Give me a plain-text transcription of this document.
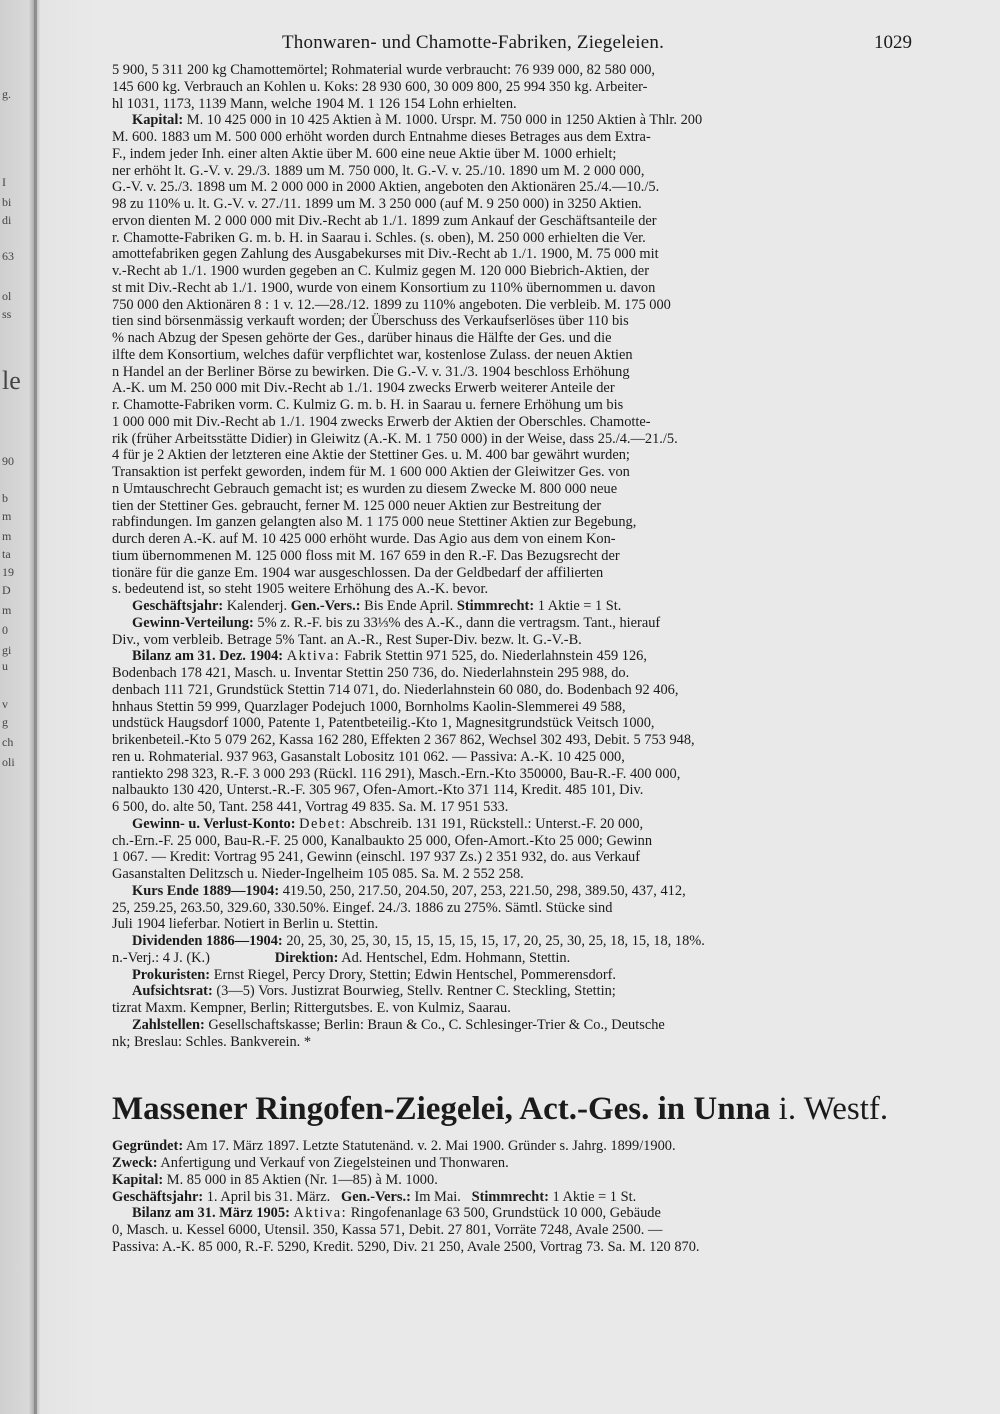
g.
I
bi
di
63
ol
ss
le
90
b
m
m
ta
19
D
m
0
gi
u
v
g
ch
oli
Thonwaren- und Chamotte-Fabriken, Ziegeleien.	1029
5 900, 5 311 200 kg Chamottemörtel; Rohmaterial wurde verbraucht: 76 939 000, 82 580 000,
145 600 kg. Verbrauch an Kohlen u. Koks: 28 930 600, 30 009 800, 25 994 350 kg. Arbeiter-
hl 1031, 1173, 1139 Mann, welche 1904 M. 1 126 154 Lohn erhielten.
Kapital: M. 10 425 000 in 10 425 Aktien à M. 1000. Urspr. M. 750 000 in 1250 Aktien à Thlr. 200
M. 600. 1883 um M. 500 000 erhöht worden durch Entnahme dieses Betrages aus dem Extra-
F., indem jeder Inh. einer alten Aktie über M. 600 eine neue Aktie über M. 1000 erhielt;
ner erhöht lt. G.-V. v. 29./3. 1889 um M. 750 000, lt. G.-V. v. 25./10. 1890 um M. 2 000 000,
G.-V. v. 25./3. 1898 um M. 2 000 000 in 2000 Aktien, angeboten den Aktionären 25./4.—10./5.
98 zu 110% u. lt. G.-V. v. 27./11. 1899 um M. 3 250 000 (auf M. 9 250 000) in 3250 Aktien.
ervon dienten M. 2 000 000 mit Div.-Recht ab 1./1. 1899 zum Ankauf der Geschäftsanteile der
r. Chamotte-Fabriken G. m. b. H. in Saarau i. Schles. (s. oben), M. 250 000 erhielten die Ver.
amottefabriken gegen Zahlung des Ausgabekurses mit Div.-Recht ab 1./1. 1900, M. 75 000 mit
v.-Recht ab 1./1. 1900 wurden gegeben an C. Kulmiz gegen M. 120 000 Biebrich-Aktien, der
st mit Div.-Recht ab 1./1. 1900, wurde von einem Konsortium zu 110% übernommen u. davon
750 000 den Aktionären 8 : 1 v. 12.—28./12. 1899 zu 110% angeboten. Die verbleib. M. 175 000
tien sind börsenmässig verkauft worden; der Überschuss des Verkaufserlöses über 110 bis
% nach Abzug der Spesen gehörte der Ges., darüber hinaus die Hälfte der Ges. und die
ilfte dem Konsortium, welches dafür verpflichtet war, kostenlose Zulass. der neuen Aktien
n Handel an der Berliner Börse zu bewirken. Die G.-V. v. 31./3. 1904 beschloss Erhöhung
A.-K. um M. 250 000 mit Div.-Recht ab 1./1. 1904 zwecks Erwerb weiterer Anteile der
r. Chamotte-Fabriken vorm. C. Kulmiz G. m. b. H. in Saarau u. fernere Erhöhung um bis
1 000 000 mit Div.-Recht ab 1./1. 1904 zwecks Erwerb der Aktien der Oberschles. Chamotte-
rik (früher Arbeitsstätte Didier) in Gleiwitz (A.-K. M. 1 750 000) in der Weise, dass 25./4.—21./5.
4 für je 2 Aktien der letzteren eine Aktie der Stettiner Ges. u. M. 400 bar gewährt wurden;
Transaktion ist perfekt geworden, indem für M. 1 600 000 Aktien der Gleiwitzer Ges. von
n Umtauschrecht Gebrauch gemacht ist; es wurden zu diesem Zwecke M. 800 000 neue
tien der Stettiner Ges. gebraucht, ferner M. 125 000 neuer Aktien zur Bestreitung der
rabfindungen. Im ganzen gelangten also M. 1 175 000 neue Stettiner Aktien zur Begebung,
durch deren A.-K. auf M. 10 425 000 erhöht wurde. Das Agio aus dem von einem Kon-
tium übernommenen M. 125 000 floss mit M. 167 659 in den R.-F. Das Bezugsrecht der
tionäre für die ganze Em. 1904 war ausgeschlossen. Da der Geldbedarf der affilierten
s. bedeutend ist, so steht 1905 weitere Erhöhung des A.-K. bevor.
Geschäftsjahr: Kalenderj. Gen.-Vers.: Bis Ende April. Stimmrecht: 1 Aktie = 1 St.
Gewinn-Verteilung: 5% z. R.-F. bis zu 33⅓% des A.-K., dann die vertragsm. Tant., hierauf
Div., vom verbleib. Betrage 5% Tant. an A.-R., Rest Super-Div. bezw. lt. G.-V.-B.
Bilanz am 31. Dez. 1904: Aktiva: Fabrik Stettin 971 525, do. Niederlahnstein 459 126,
Bodenbach 178 421, Masch. u. Inventar Stettin 250 736, do. Niederlahnstein 295 988, do.
denbach 111 721, Grundstück Stettin 714 071, do. Niederlahnstein 60 080, do. Bodenbach 92 406,
hnhaus Stettin 59 999, Quarzlager Podejuch 1000, Bornholms Kaolin-Slemmerei 49 588,
undstück Haugsdorf 1000, Patente 1, Patentbeteilig.-Kto 1, Magnesitgrundstück Veitsch 1000,
brikenbeteil.-Kto 5 079 262, Kassa 162 280, Effekten 2 367 862, Wechsel 302 493, Debit. 5 753 948,
ren u. Rohmaterial. 937 963, Gasanstalt Lobositz 101 062. — Passiva: A.-K. 10 425 000,
rantiekto 298 323, R.-F. 3 000 293 (Rückl. 116 291), Masch.-Ern.-Kto 350000, Bau-R.-F. 400 000,
nalbaukto 130 420, Unterst.-R.-F. 305 967, Ofen-Amort.-Kto 371 114, Kredit. 485 101, Div.
6 500, do. alte 50, Tant. 258 441, Vortrag 49 835. Sa. M. 17 951 533.
Gewinn- u. Verlust-Konto: Debet: Abschreib. 131 191, Rückstell.: Unterst.-F. 20 000,
ch.-Ern.-F. 25 000, Bau-R.-F. 25 000, Kanalbaukto 25 000, Ofen-Amort.-Kto 25 000; Gewinn
1 067. — Kredit: Vortrag 95 241, Gewinn (einschl. 197 937 Zs.) 2 351 932, do. aus Verkauf
Gasanstalten Delitzsch u. Nieder-Ingelheim 105 085. Sa. M. 2 552 258.
Kurs Ende 1889—1904: 419.50, 250, 217.50, 204.50, 207, 253, 221.50, 298, 389.50, 437, 412,
25, 259.25, 263.50, 329.60, 330.50%. Eingef. 24./3. 1886 zu 275%. Sämtl. Stücke sind
Juli 1904 lieferbar. Notiert in Berlin u. Stettin.
Dividenden 1886—1904: 20, 25, 30, 25, 30, 15, 15, 15, 15, 15, 17, 20, 25, 30, 25, 18, 15, 18, 18%.
n.-Verj.: 4 J. (K.)	Direktion: Ad. Hentschel, Edm. Hohmann, Stettin.
Prokuristen: Ernst Riegel, Percy Drory, Stettin; Edwin Hentschel, Pommerensdorf.
Aufsichtsrat: (3—5) Vors. Justizrat Bourwieg, Stellv. Rentner C. Steckling, Stettin;
tizrat Maxm. Kempner, Berlin; Rittergutsbes. E. von Kulmiz, Saarau.
Zahlstellen: Gesellschaftskasse; Berlin: Braun & Co., C. Schlesinger-Trier & Co., Deutsche
nk; Breslau: Schles. Bankverein. *
Massener Ringofen-Ziegelei, Act.-Ges. in Unna i. Westf.
Gegründet: Am 17. März 1897. Letzte Statutenänd. v. 2. Mai 1900. Gründer s. Jahrg. 1899/1900.
Zweck: Anfertigung und Verkauf von Ziegelsteinen und Thonwaren.
Kapital: M. 85 000 in 85 Aktien (Nr. 1—85) à M. 1000.
Geschäftsjahr: 1. April bis 31. März. Gen.-Vers.: Im Mai. Stimmrecht: 1 Aktie = 1 St.
Bilanz am 31. März 1905: Aktiva: Ringofenanlage 63 500, Grundstück 10 000, Gebäude
0, Masch. u. Kessel 6000, Utensil. 350, Kassa 571, Debit. 27 801, Vorräte 7248, Avale 2500. —
Passiva: A.-K. 85 000, R.-F. 5290, Kredit. 5290, Div. 21 250, Avale 2500, Vortrag 73. Sa. M. 120 870.
